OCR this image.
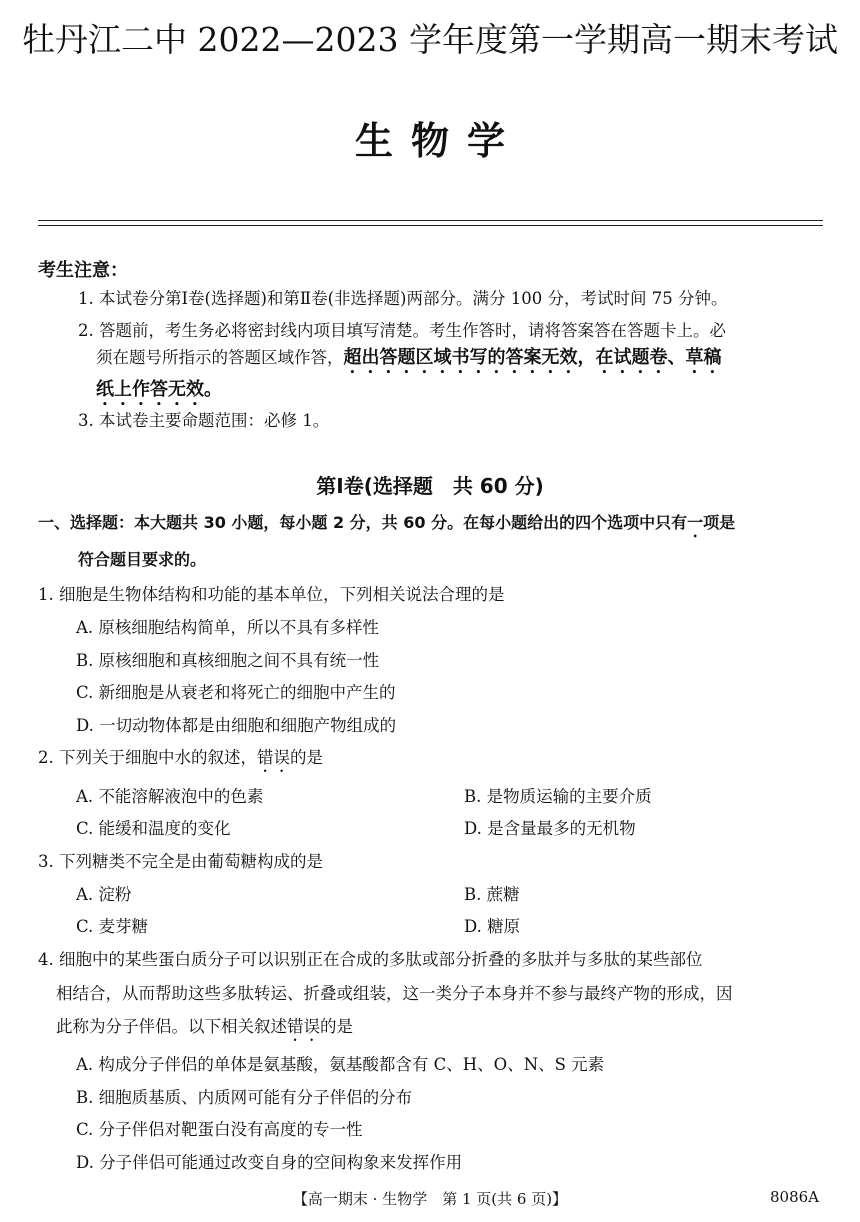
牡丹江二中 2022—2023 学年度第一学期高一期末考试
生物学
考生注意：
1. 本试卷分第Ⅰ卷(选择题)和第Ⅱ卷(非选择题)两部分。满分 100 分，考试时间 75 分钟。
2. 答题前，考生务必将密封线内项目填写清楚。考生作答时，请将答案答在答题卡上。必
须在题号所指示的答题区域作答，超出答题区域书写的答案无效，在试题卷、草稿
纸上作答无效。
3. 本试卷主要命题范围：必修 1。
第Ⅰ卷(选择题　共 60 分)
一、选择题：本大题共 30 小题，每小题 2 分，共 60 分。在每小题给出的四个选项中只有一项是
符合题目要求的。
1. 细胞是生物体结构和功能的基本单位，下列相关说法合理的是
A. 原核细胞结构简单，所以不具有多样性
B. 原核细胞和真核细胞之间不具有统一性
C. 新细胞是从衰老和将死亡的细胞中产生的
D. 一切动物体都是由细胞和细胞产物组成的
2. 下列关于细胞中水的叙述，错误的是
A. 不能溶解液泡中的色素	B. 是物质运输的主要介质
C. 能缓和温度的变化	D. 是含量最多的无机物
3. 下列糖类不完全是由葡萄糖构成的是
A. 淀粉	B. 蔗糖
C. 麦芽糖	D. 糖原
4. 细胞中的某些蛋白质分子可以识别正在合成的多肽或部分折叠的多肽并与多肽的某些部位
相结合，从而帮助这些多肽转运、折叠或组装，这一类分子本身并不参与最终产物的形成，因
此称为分子伴侣。以下相关叙述错误的是
A. 构成分子伴侣的单体是氨基酸，氨基酸都含有 C、H、O、N、S 元素
B. 细胞质基质、内质网可能有分子伴侣的分布
C. 分子伴侣对靶蛋白没有高度的专一性
D. 分子伴侣可能通过改变自身的空间构象来发挥作用
【高一期末 · 生物学　第 1 页(共 6 页)】	8086A
